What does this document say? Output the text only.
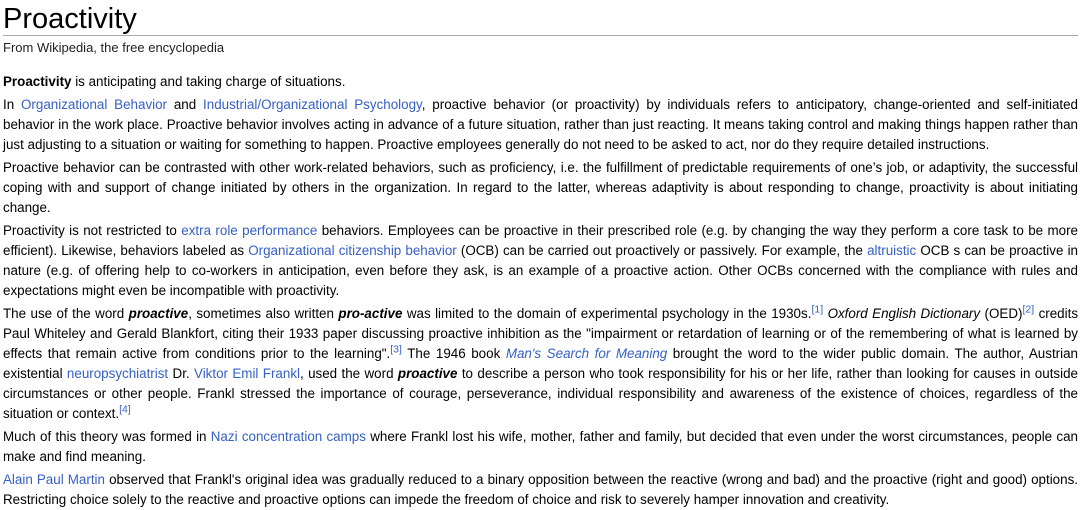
Proactivity
From Wikipedia, the free encyclopedia

Proactivity is anticipating and taking charge of situations.

In Organizational Behavior and Industrial/Organizational Psychology, proactive behavior (or proactivity) by individuals refers to anticipatory, change-oriented and self-initiated behavior in the work place. Proactive behavior involves acting in advance of a future situation, rather than just reacting. It means taking control and making things happen rather than just adjusting to a situation or waiting for something to happen. Proactive employees generally do not need to be asked to act, nor do they require detailed instructions.

Proactive behavior can be contrasted with other work-related behaviors, such as proficiency, i.e. the fulfillment of predictable requirements of one’s job, or adaptivity, the successful coping with and support of change initiated by others in the organization. In regard to the latter, whereas adaptivity is about responding to change, proactivity is about initiating change.

Proactivity is not restricted to extra role performance behaviors. Employees can be proactive in their prescribed role (e.g. by changing the way they perform a core task to be more efficient). Likewise, behaviors labeled as Organizational citizenship behavior (OCB) can be carried out proactively or passively. For example, the altruistic OCB s can be proactive in nature (e.g. of offering help to co-workers in anticipation, even before they ask, is an example of a proactive action. Other OCBs concerned with the compliance with rules and expectations might even be incompatible with proactivity.

The use of the word proactive, sometimes also written pro-active was limited to the domain of experimental psychology in the 1930s.[1] Oxford English Dictionary (OED)[2] credits Paul Whiteley and Gerald Blankfort, citing their 1933 paper discussing proactive inhibition as the "impairment or retardation of learning or of the remembering of what is learned by effects that remain active from conditions prior to the learning".[3] The 1946 book Man's Search for Meaning brought the word to the wider public domain. The author, Austrian existential neuropsychiatrist Dr. Viktor Emil Frankl, used the word proactive to describe a person who took responsibility for his or her life, rather than looking for causes in outside circumstances or other people. Frankl stressed the importance of courage, perseverance, individual responsibility and awareness of the existence of choices, regardless of the situation or context.[4]

Much of this theory was formed in Nazi concentration camps where Frankl lost his wife, mother, father and family, but decided that even under the worst circumstances, people can make and find meaning.

Alain Paul Martin observed that Frankl's original idea was gradually reduced to a binary opposition between the reactive (wrong and bad) and the proactive (right and good) options. Restricting choice solely to the reactive and proactive options can impede the freedom of choice and risk to severely hamper innovation and creativity.
